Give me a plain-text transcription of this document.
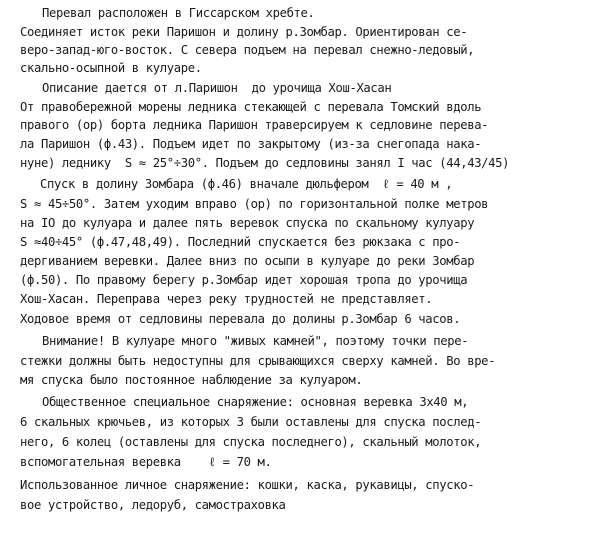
Перевал расположен в Гиссарском хребте.
Соединяет исток реки Паришон и долину р.Зомбар. Ориентирован се-
веро-запад-юго-восток. С севера подъем на перевал снежно-ледовый,
скально-осыпной в кулуаре.
Описание дается от л.Паришон  до урочища Хош-Хасан
От правобережной морены ледника стекающей с перевала Томский вдоль
правого (ор) борта ледника Паришон траверсируем к седловине перева-
ла Паришон (ф.43). Подъем идет по закрытому (из-за снегопада нака-
нуне) леднику  S ≈ 25°÷30°. Подъем до седловины занял I час (44,43/45)
Спуск в долину Зомбара (ф.46) вначале дюльфером  ℓ = 40 м ,
S ≈ 45÷50°. Затем уходим вправо (ор) по горизонтальной полке метров
на IO до кулуара и далее пять веревок спуска по скальному кулуару
S ≈40÷45° (ф.47,48,49). Последний спускается без рюкзака с про-
дергиванием веревки. Далее вниз по осыпи в кулуаре до реки Зомбар
(ф.50). По правому берегу р.Зомбар идет хорошая тропа до урочища
Хош-Хасан. Переправа через реку трудностей не представляет.
Ходовое время от седловины перевала до долины р.Зомбар 6 часов.
Внимание! В кулуаре много "живых камней", поэтому точки пере-
стежки должны быть недоступны для срывающихся сверху камней. Во вре-
мя спуска было постоянное наблюдение за кулуаром.
Общественное специальное снаряжение: основная веревка 3х40 м,
6 скальных крючьев, из которых 3 были оставлены для спуска послед-
него, 6 колец (оставлены для спуска последнего), скальный молоток,
вспомогательная веревка    ℓ = 70 м.
Использованное личное снаряжение: кошки, каска, рукавицы, спуско-
вое устройство, ледоруб, самостраховка
